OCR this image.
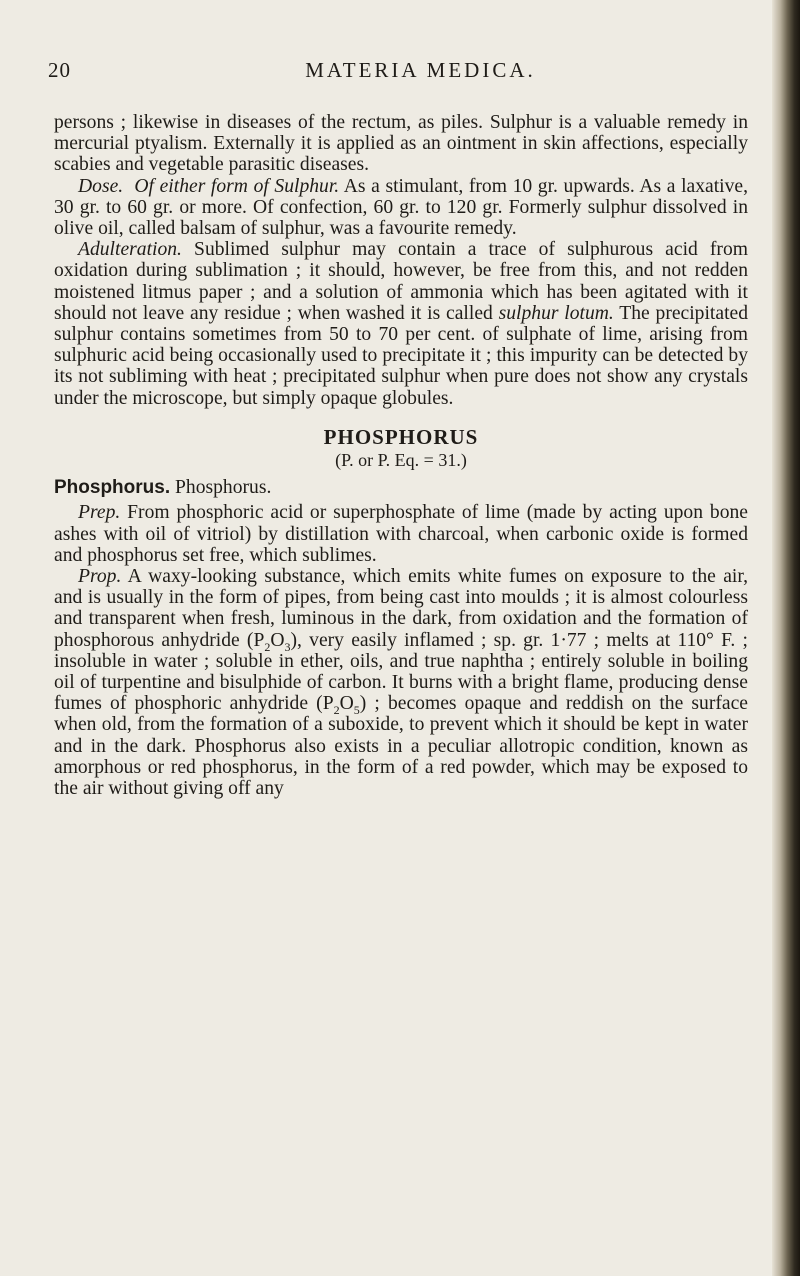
20	MATERIA MEDICA.

persons ; likewise in diseases of the rectum, as piles. Sulphur is a valuable remedy in mercurial ptyalism. Externally it is applied as an ointment in skin affections, especially scabies and vegetable parasitic diseases.

Dose. Of either form of Sulphur. As a stimulant, from 10 gr. upwards. As a laxative, 30 gr. to 60 gr. or more. Of confection, 60 gr. to 120 gr. Formerly sulphur dissolved in olive oil, called balsam of sulphur, was a favourite remedy.

Adulteration. Sublimed sulphur may contain a trace of sulphurous acid from oxidation during sublimation ; it should, however, be free from this, and not redden moistened litmus paper ; and a solution of ammonia which has been agitated with it should not leave any residue ; when washed it is called sulphur lotum. The precipitated sulphur contains sometimes from 50 to 70 per cent. of sulphate of lime, arising from sulphuric acid being occasionally used to precipitate it ; this impurity can be detected by its not subliming with heat ; precipitated sulphur when pure does not show any crystals under the microscope, but simply opaque globules.

PHOSPHORUS
(P. or P. Eq. = 31.)

Phosphorus. Phosphorus.

Prep. From phosphoric acid or superphosphate of lime (made by acting upon bone ashes with oil of vitriol) by distillation with charcoal, when carbonic oxide is formed and phosphorus set free, which sublimes.

Prop. A waxy-looking substance, which emits white fumes on exposure to the air, and is usually in the form of pipes, from being cast into moulds ; it is almost colourless and transparent when fresh, luminous in the dark, from oxidation and the formation of phosphorous anhydride $(P_2O_3)$, very easily inflamed ; sp. gr. 1·77 ; melts at 110° F. ; insoluble in water ; soluble in ether, oils, and true naphtha ; entirely soluble in boiling oil of turpentine and bisulphide of carbon. It burns with a bright flame, producing dense fumes of phosphoric anhydride $(P_2O_5)$ ; becomes opaque and reddish on the surface when old, from the formation of a suboxide, to prevent which it should be kept in water and in the dark. Phosphorus also exists in a peculiar allotropic condition, known as amorphous or red phosphorus, in the form of a red powder, which may be exposed to the air without giving off any
